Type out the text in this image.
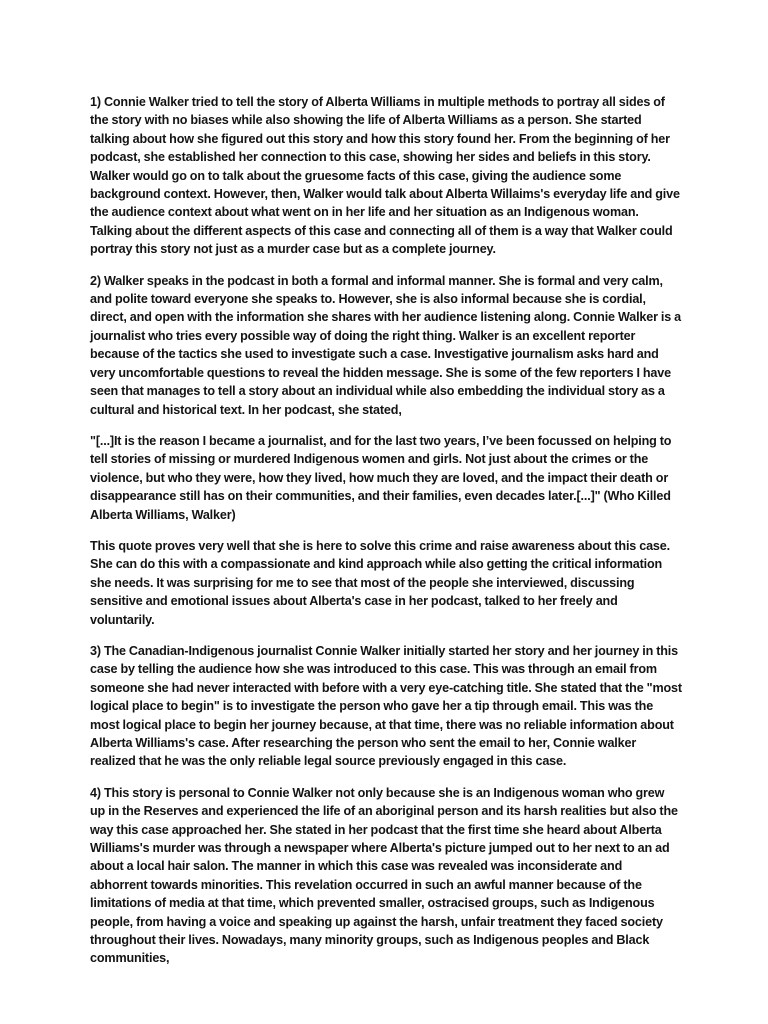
1) Connie Walker tried to tell the story of Alberta Williams in multiple methods to portray all sides of the story with no biases while also showing the life of Alberta Williams as a person. She started talking about how she figured out this story and how this story found her. From the beginning of her podcast, she established her connection to this case, showing her sides and beliefs in this story. Walker would go on to talk about the gruesome facts of this case, giving the audience some background context. However, then, Walker would talk about Alberta Willaims's everyday life and give the audience context about what went on in her life and her situation as an Indigenous woman. Talking about the different aspects of this case and connecting all of them is a way that Walker could portray this story not just as a murder case but as a complete journey.

2) Walker speaks in the podcast in both a formal and informal manner. She is formal and very calm, and polite toward everyone she speaks to. However, she is also informal because she is cordial, direct, and open with the information she shares with her audience listening along. Connie Walker is a journalist who tries every possible way of doing the right thing. Walker is an excellent reporter because of the tactics she used to investigate such a case. Investigative journalism asks hard and very uncomfortable questions to reveal the hidden message. She is some of the few reporters I have seen that manages to tell a story about an individual while also embedding the individual story as a cultural and historical text. In her podcast, she stated,

"[...]It is the reason I became a journalist, and for the last two years, I’ve been focussed on helping to tell stories of missing or murdered Indigenous women and girls. Not just about the crimes or the violence, but who they were, how they lived, how much they are loved, and the impact their death or disappearance still has on their communities, and their families, even decades later.[...]" (Who Killed Alberta Williams, Walker)

This quote proves very well that she is here to solve this crime and raise awareness about this case. She can do this with a compassionate and kind approach while also getting the critical information she needs. It was surprising for me to see that most of the people she interviewed, discussing sensitive and emotional issues about Alberta's case in her podcast, talked to her freely and voluntarily.

3) The Canadian-Indigenous journalist Connie Walker initially started her story and her journey in this case by telling the audience how she was introduced to this case. This was through an email from someone she had never interacted with before with a very eye-catching title. She stated that the "most logical place to begin" is to investigate the person who gave her a tip through email. This was the most logical place to begin her journey because, at that time, there was no reliable information about Alberta Williams's case. After researching the person who sent the email to her, Connie walker realized that he was the only reliable legal source previously engaged in this case.

4) This story is personal to Connie Walker not only because she is an Indigenous woman who grew up in the Reserves and experienced the life of an aboriginal person and its harsh realities but also the way this case approached her. She stated in her podcast that the first time she heard about Alberta Williams's murder was through a newspaper where Alberta's picture jumped out to her next to an ad about a local hair salon. The manner in which this case was revealed was inconsiderate and abhorrent towards minorities. This revelation occurred in such an awful manner because of the limitations of media at that time, which prevented smaller, ostracised groups, such as Indigenous people, from having a voice and speaking up against the harsh, unfair treatment they faced society throughout their lives. Nowadays, many minority groups, such as Indigenous peoples and Black communities,
